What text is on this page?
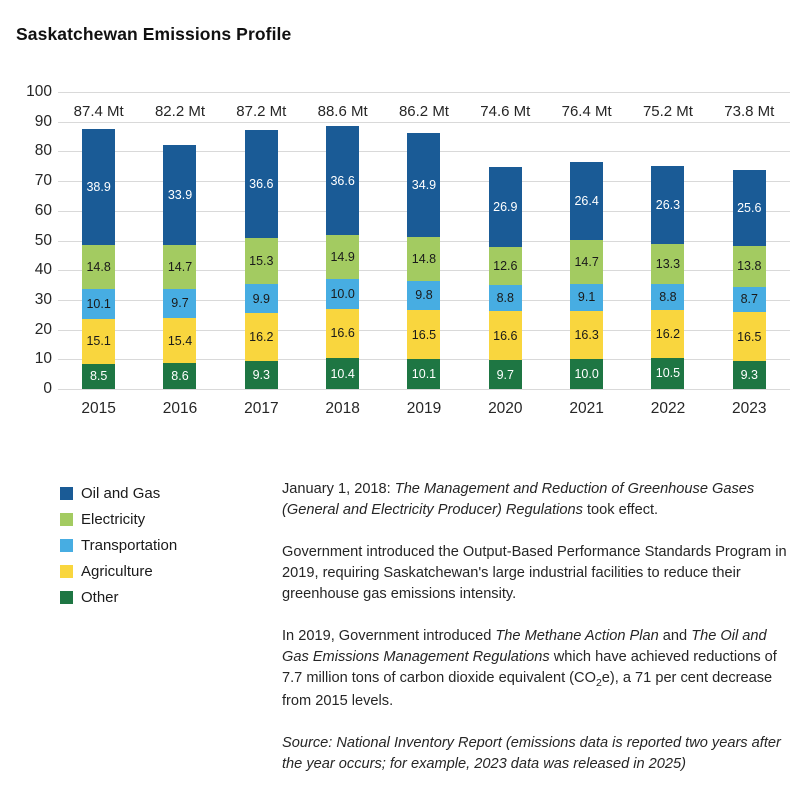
Saskatchewan Emissions Profile
100
90
80
70
60
50
40
30
20
10
0
38.9
14.8
10.1
15.1
8.5
33.9
14.7
9.7
15.4
8.6
36.6
15.3
9.9
16.2
9.3
36.6
14.9
10.0
16.6
10.4
34.9
14.8
9.8
16.5
10.1
26.9
12.6
8.8
16.6
9.7
26.4
14.7
9.1
16.3
10.0
26.3
13.3
8.8
16.2
10.5
25.6
13.8
8.7
16.5
9.3
87.4 Mt 82.2 Mt 87.2 Mt 88.6 Mt 86.2 Mt 74.6 Mt 76.4 Mt 75.2 Mt 73.8 Mt
2015	2016	2017	2018	2019	2020	2021	2022	2023
Oil and Gas
Electricity
Transportation
Agriculture
Other

January 1, 2018: The Management and Reduction of Greenhouse Gases (General and Electricity Producer) Regulations took effect.

Government introduced the Output-Based Performance Standards Program in 2019, requiring Saskatchewan's large industrial facilities to reduce their greenhouse gas emissions intensity.

In 2019, Government introduced The Methane Action Plan and The Oil and Gas Emissions Management Regulations which have achieved reductions of 7.7 million tons of carbon dioxide equivalent $(CO_2e)$, a 71 per cent decrease from 2015 levels.

Source: National Inventory Report (emissions data is reported two years after the year occurs; for example, 2023 data was released in 2025)
